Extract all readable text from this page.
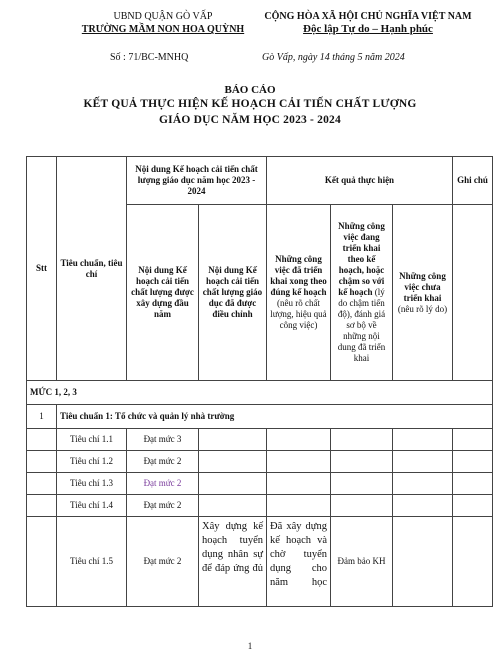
UBND QUẬN GÒ VẤP
TRƯỜNG MẦM NON HOA QUỲNH
CỘNG HÒA XÃ HỘI CHỦ NGHĨA VIỆT NAM
Độc lập Tự do – Hạnh phúc
Số : 71/BC-MNHQ	Gò Vấp, ngày 14 tháng 5 năm 2024
BÁO CÁO
KẾT QUẢ THỰC HIỆN KẾ HOẠCH CẢI TIẾN CHẤT LƯỢNG
GIÁO DỤC NĂM HỌC 2023 - 2024
Stt	Tiêu chuẩn, tiêu chí	Nội dung Kế hoạch cải tiến chất lượng giáo dục năm học 2023 - 2024		Kết quả thực hiện			Ghi chú
		Nội dung Kế hoạch cải tiến chất lượng được xây dựng đầu năm	Nội dung Kế hoạch cải tiến chất lượng giáo dục đã được điều chỉnh	Những công việc đã triển khai xong theo đúng kế hoạch (nêu rõ chất lượng, hiệu quả công việc)	Những công việc đang triển khai theo kế hoạch, hoặc chậm so với kế hoạch (lý do chậm tiến độ), đánh giá sơ bộ về những nội dung đã triển khai	Những công việc chưa triển khai (nêu rõ lý do)	
MỨC 1, 2, 3							
1	Tiêu chuẩn 1: Tổ chức và quản lý nhà trường						
	Tiêu chí 1.1	Đạt mức 3					
	Tiêu chí 1.2	Đạt mức 2					
	Tiêu chí 1.3	Đạt mức 2					
	Tiêu chí 1.4	Đạt mức 2					
	Tiêu chí 1.5	Đạt mức 2	Xây dựng kế hoạch tuyển dụng nhân sự để đáp ứng đủ	Đã xây dựng kế hoạch và chờ tuyển dụng cho năm học	Đảm bảo KH		
1
